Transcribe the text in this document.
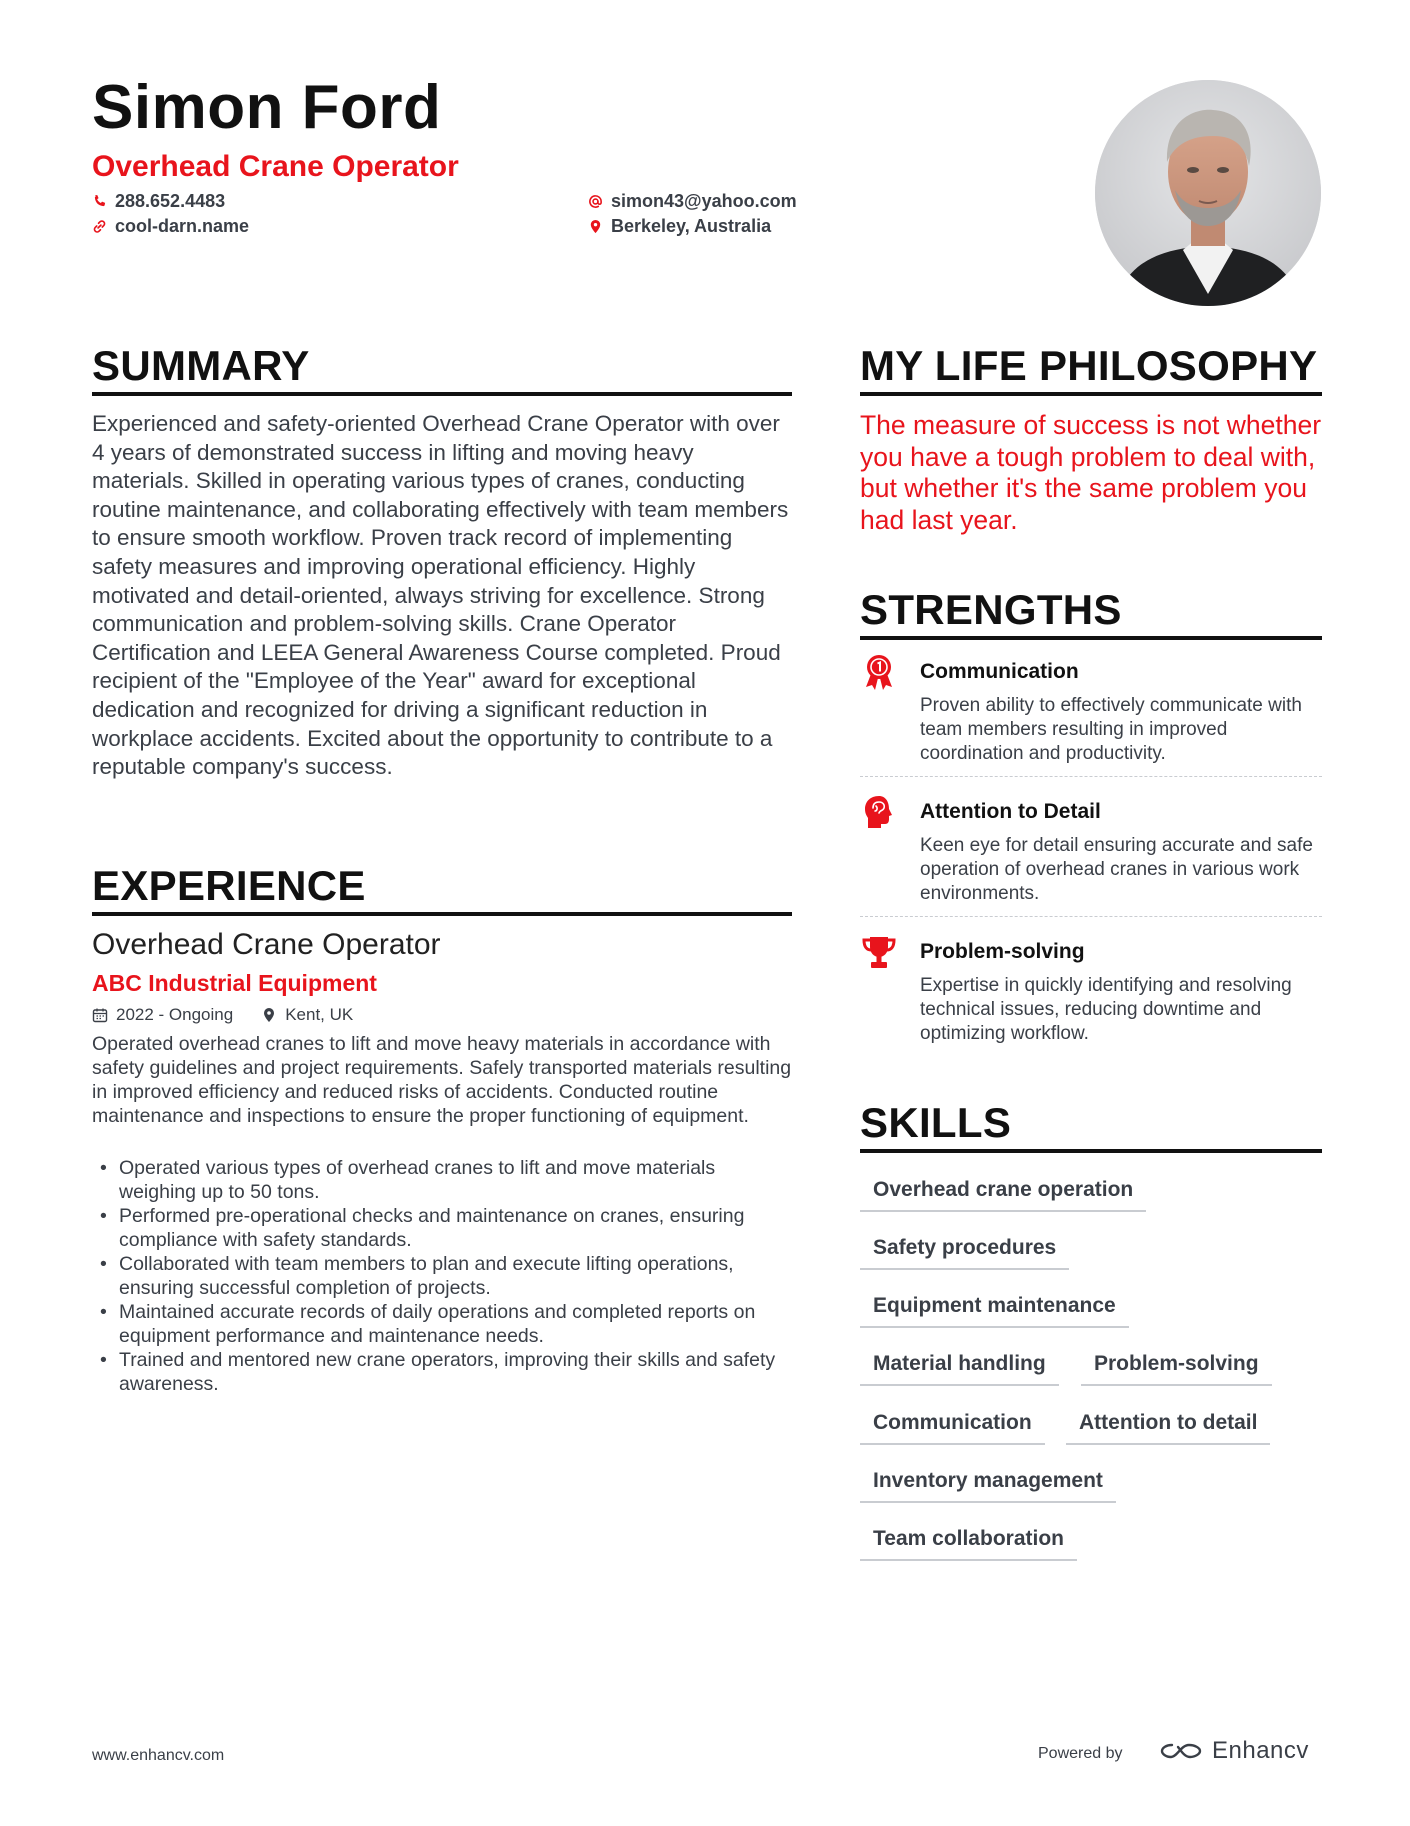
Simon Ford
Overhead Crane Operator
288.652.4483
cool-darn.name
simon43@yahoo.com
Berkeley, Australia
SUMMARY
Experienced and safety-oriented Overhead Crane Operator with over 4 years of demonstrated success in lifting and moving heavy materials. Skilled in operating various types of cranes, conducting routine maintenance, and collaborating effectively with team members to ensure smooth workflow. Proven track record of implementing safety measures and improving operational efficiency. Highly motivated and detail-oriented, always striving for excellence. Strong communication and problem-solving skills. Crane Operator Certification and LEEA General Awareness Course completed. Proud recipient of the "Employee of the Year" award for exceptional dedication and recognized for driving a significant reduction in workplace accidents. Excited about the opportunity to contribute to a reputable company's success.
EXPERIENCE
Overhead Crane Operator
ABC Industrial Equipment
2022 - Ongoing	Kent, UK
Operated overhead cranes to lift and move heavy materials in accordance with safety guidelines and project requirements. Safely transported materials resulting in improved efficiency and reduced risks of accidents. Conducted routine maintenance and inspections to ensure the proper functioning of equipment.
• Operated various types of overhead cranes to lift and move materials weighing up to 50 tons.
• Performed pre-operational checks and maintenance on cranes, ensuring compliance with safety standards.
• Collaborated with team members to plan and execute lifting operations, ensuring successful completion of projects.
• Maintained accurate records of daily operations and completed reports on equipment performance and maintenance needs.
• Trained and mentored new crane operators, improving their skills and safety awareness.
MY LIFE PHILOSOPHY
The measure of success is not whether you have a tough problem to deal with, but whether it's the same problem you had last year.
STRENGTHS
Communication
Proven ability to effectively communicate with team members resulting in improved coordination and productivity.
Attention to Detail
Keen eye for detail ensuring accurate and safe operation of overhead cranes in various work environments.
Problem-solving
Expertise in quickly identifying and resolving technical issues, reducing downtime and optimizing workflow.
SKILLS
Overhead crane operation
Safety procedures
Equipment maintenance
Material handling	Problem-solving
Communication	Attention to detail
Inventory management
Team collaboration
www.enhancv.com	Powered by	Enhancv
